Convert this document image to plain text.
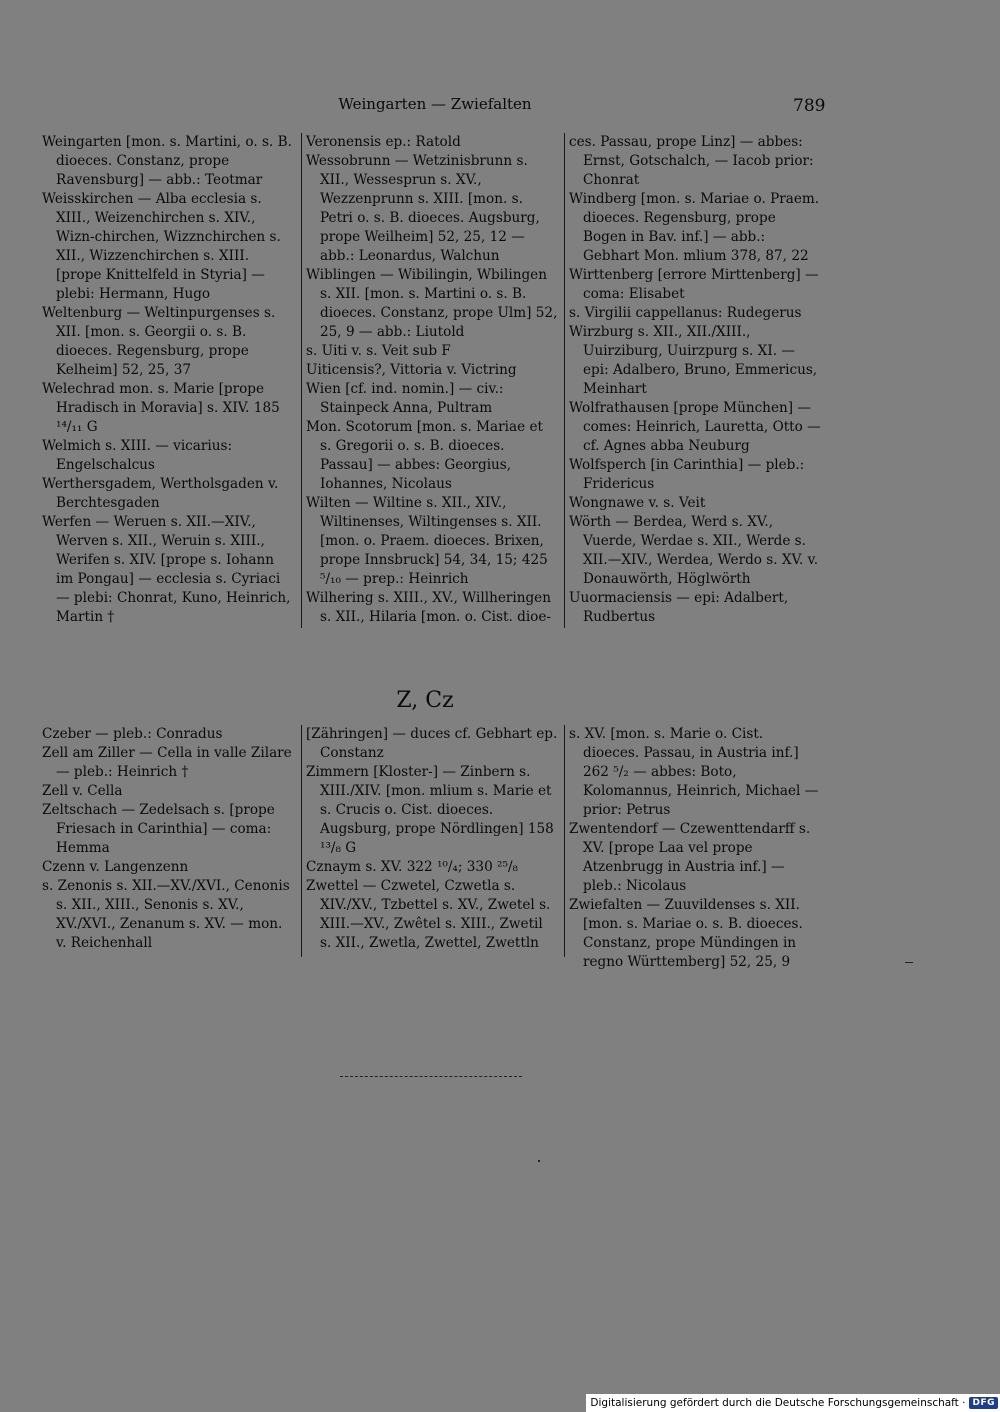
Weingarten — Zwiefalten	789

Weingarten [mon. s. Martini, o. s. B. dioeces. Constanz, prope Ravensburg] — abb.: Teotmar

Weisskirchen — Alba ecclesia s. XIII., Weizenchirchen s. XIV., Wizn-chirchen, Wizznchirchen s. XII., Wizzenchirchen s. XIII. [prope Knittelfeld in Styria] — plebi: Hermann, Hugo

Weltenburg — Weltinpurgenses s. XII. [mon. s. Georgii o. s. B. dioeces. Regensburg, prope Kelheim] 52, 25, 37

Welechrad mon. s. Marie [prope Hradisch in Moravia] s. XIV. 185 ¹⁴/₁₁ G

Welmich s. XIII. — vicarius: Engelschalcus

Werthersgadem, Wertholsgaden v. Berchtesgaden

Werfen — Weruen s. XII.—XIV., Werven s. XII., Weruin s. XIII., Werifen s. XIV. [prope s. Iohann im Pongau] — ecclesia s. Cyriaci — plebi: Chonrat, Kuno, Heinrich, Martin †

Veronensis ep.: Ratold

Wessobrunn — Wetzinisbrunn s. XII., Wessesprun s. XV., Wezzenprunn s. XIII. [mon. s. Petri o. s. B. dioeces. Augsburg, prope Weilheim] 52, 25, 12 — abb.: Leonardus, Walchun

Wiblingen — Wibilingin, Wbilingen s. XII. [mon. s. Martini o. s. B. dioeces. Constanz, prope Ulm] 52, 25, 9 — abb.: Liutold

s. Uiti v. s. Veit sub F

Uiticensis?, Vittoria v. Victring

Wien [cf. ind. nomin.] — civ.: Stainpeck Anna, Pultram

Mon. Scotorum [mon. s. Mariae et s. Gregorii o. s. B. dioeces. Passau] — abbes: Georgius, Iohannes, Nicolaus

Wilten — Wiltine s. XII., XIV., Wiltinenses, Wiltingenses s. XII. [mon. o. Praem. dioeces. Brixen, prope Innsbruck] 54, 34, 15; 425 ⁵/₁₀ — prep.: Heinrich

Wilhering s. XIII., XV., Willheringen s. XII., Hilaria [mon. o. Cist. dioe-

ces. Passau, prope Linz] — abbes: Ernst, Gotschalch, — Iacob prior: Chonrat

Windberg [mon. s. Mariae o. Praem. dioeces. Regensburg, prope Bogen in Bav. inf.] — abb.: Gebhart Mon. mlium 378, 87, 22

Wirttenberg [errore Mirttenberg] — coma: Elisabet

s. Virgilii cappellanus: Rudegerus

Wirzburg s. XII., XII./XIII., Uuirziburg, Uuirzpurg s. XI. — epi: Adalbero, Bruno, Emmericus, Meinhart

Wolfrathausen [prope München] — comes: Heinrich, Lauretta, Otto — cf. Agnes abba Neuburg

Wolfsperch [in Carinthia] — pleb.: Fridericus

Wongnawe v. s. Veit

Wörth — Berdea, Werd s. XV., Vuerde, Werdae s. XII., Werde s. XII.—XIV., Werdea, Werdo s. XV. v. Donauwörth, Höglwörth

Uuormaciensis — epi: Adalbert, Rudbertus

Z, Cz

Czeber — pleb.: Conradus

Zell am Ziller — Cella in valle Zilare — pleb.: Heinrich †

Zell v. Cella

Zeltschach — Zedelsach s. [prope Friesach in Carinthia] — coma: Hemma

Czenn v. Langenzenn

s. Zenonis s. XII.—XV./XVI., Cenonis s. XII., XIII., Senonis s. XV., XV./XVI., Zenanum s. XV. — mon. v. Reichenhall

[Zähringen] — duces cf. Gebhart ep. Constanz

Zimmern [Kloster-] — Zinbern s. XIII./XIV. [mon. mlium s. Marie et s. Crucis o. Cist. dioeces. Augsburg, prope Nördlingen] 158 ¹³/₈ G

Cznaym s. XV. 322 ¹⁰/₄; 330 ²⁵/₈

Zwettel — Czwetel, Czwetla s. XIV./XV., Tzbettel s. XV., Zwetel s. XIII.—XV., Zwêtel s. XIII., Zwetil s. XII., Zwetla, Zwettel, Zwettln

s. XV. [mon. s. Marie o. Cist. dioeces. Passau, in Austria inf.] 262 ⁵/₂ — abbes: Boto, Kolomannus, Heinrich, Michael — prior: Petrus

Zwentendorf — Czewenttendarff s. XV. [prope Laa vel prope Atzenbrugg in Austria inf.] — pleb.: Nicolaus

Zwiefalten — Zuuvildenses s. XII. [mon. s. Mariae o. s. B. dioeces. Constanz, prope Mündingen in regno Württemberg] 52, 25, 9

Digitalisierung gefördert durch die Deutsche Forschungsgemeinschaft · DFG
